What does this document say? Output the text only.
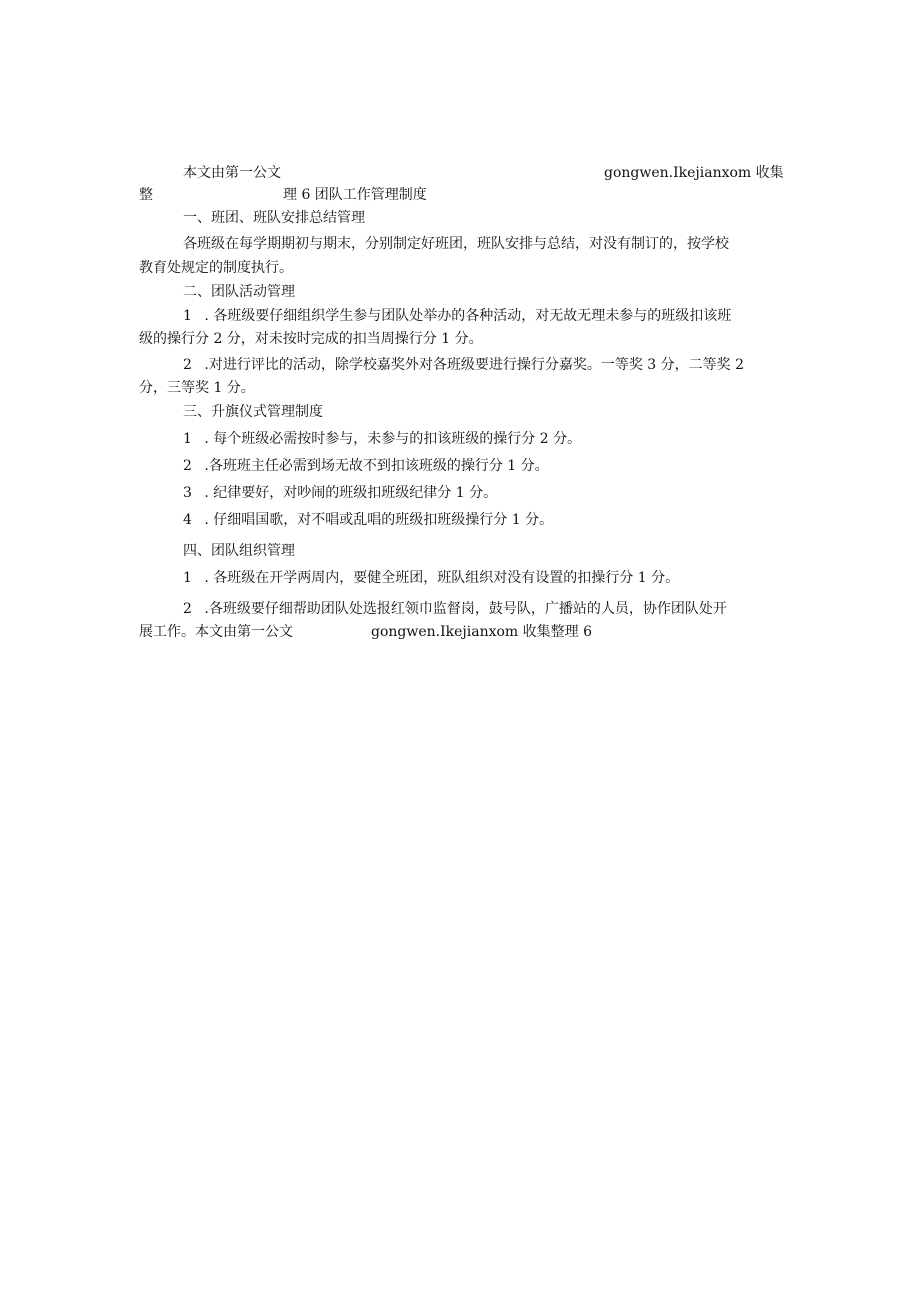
本文由第一公文	gongwen.Ikejianxom 收集
整	理 6 团队工作管理制度
一、班团、班队安排总结管理
各班级在每学期期初与期末，分别制定好班团，班队安排与总结，对没有制订的，按学校
教育处规定的制度执行。
二、团队活动管理
1 . 各班级要仔细组织学生参与团队处举办的各种活动，对无故无理未参与的班级扣该班
级的操行分 2 分，对未按时完成的扣当周操行分 1 分。
2 .对进行评比的活动，除学校嘉奖外对各班级要进行操行分嘉奖。一等奖 3 分，二等奖 2
分，三等奖 1 分。
三、升旗仪式管理制度
1 . 每个班级必需按时参与，未参与的扣该班级的操行分 2 分。
2 .各班班主任必需到场无故不到扣该班级的操行分 1 分。
3 . 纪律要好，对吵闹的班级扣班级纪律分 1 分。
4 . 仔细唱国歌，对不唱或乱唱的班级扣班级操行分 1 分。
四、团队组织管理
1 . 各班级在开学两周内，要健全班团，班队组织对没有设置的扣操行分 1 分。
2 .各班级要仔细帮助团队处选报红领巾监督岗，鼓号队，广播站的人员，协作团队处开
展工作。本文由第一公文	gongwen.Ikejianxom 收集整理 6
